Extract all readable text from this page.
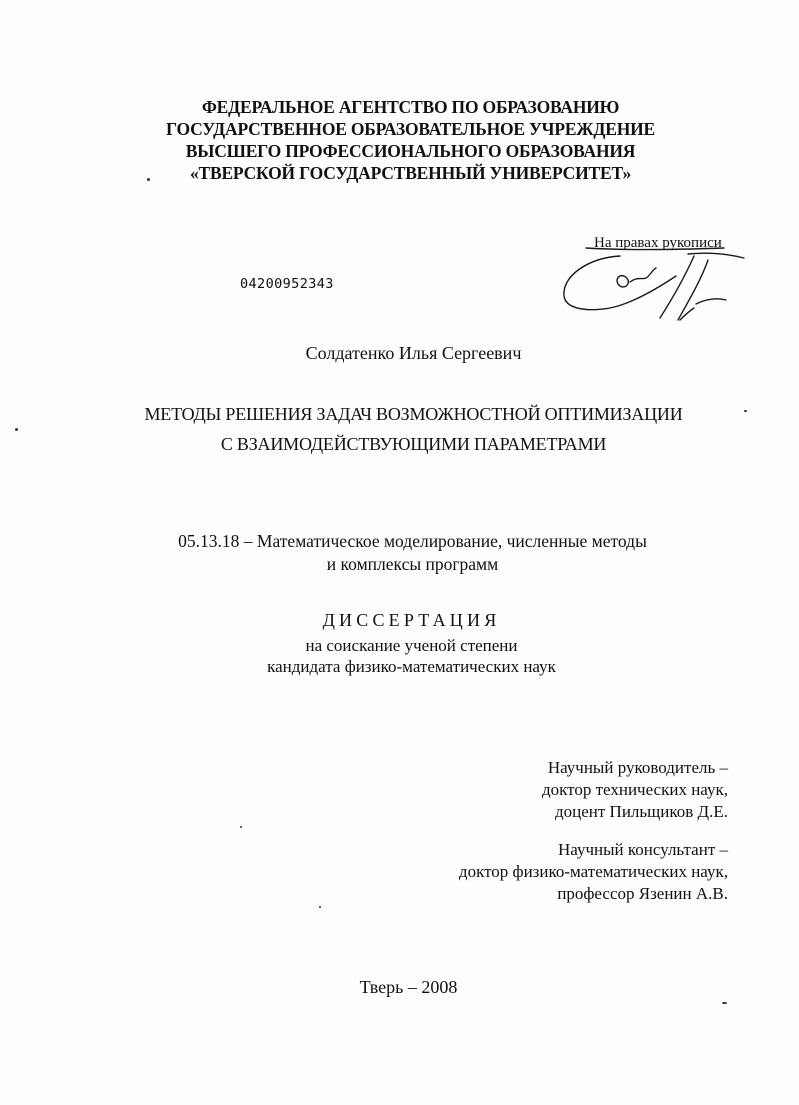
ФЕДЕРАЛЬНОЕ АГЕНТСТВО ПО ОБРАЗОВАНИЮ
ГОСУДАРСТВЕННОЕ ОБРАЗОВАТЕЛЬНОЕ УЧРЕЖДЕНИЕ
ВЫСШЕГО ПРОФЕССИОНАЛЬНОГО ОБРАЗОВАНИЯ
«ТВЕРСКОЙ ГОСУДАРСТВЕННЫЙ УНИВЕРСИТЕТ»
На правах рукописи
04200952343
Солдатенко Илья Сергеевич
МЕТОДЫ РЕШЕНИЯ ЗАДАЧ ВОЗМОЖНОСТНОЙ ОПТИМИЗАЦИИ
С ВЗАИМОДЕЙСТВУЮЩИМИ ПАРАМЕТРАМИ
05.13.18 – Математическое моделирование, численные методы
и комплексы программ
ДИССЕРТАЦИЯ
на соискание ученой степени
кандидата физико-математических наук
Научный руководитель –
доктор технических наук,
доцент Пильщиков Д.Е.
Научный консультант –
доктор физико-математических наук,
профессор Язенин А.В.
Тверь – 2008
